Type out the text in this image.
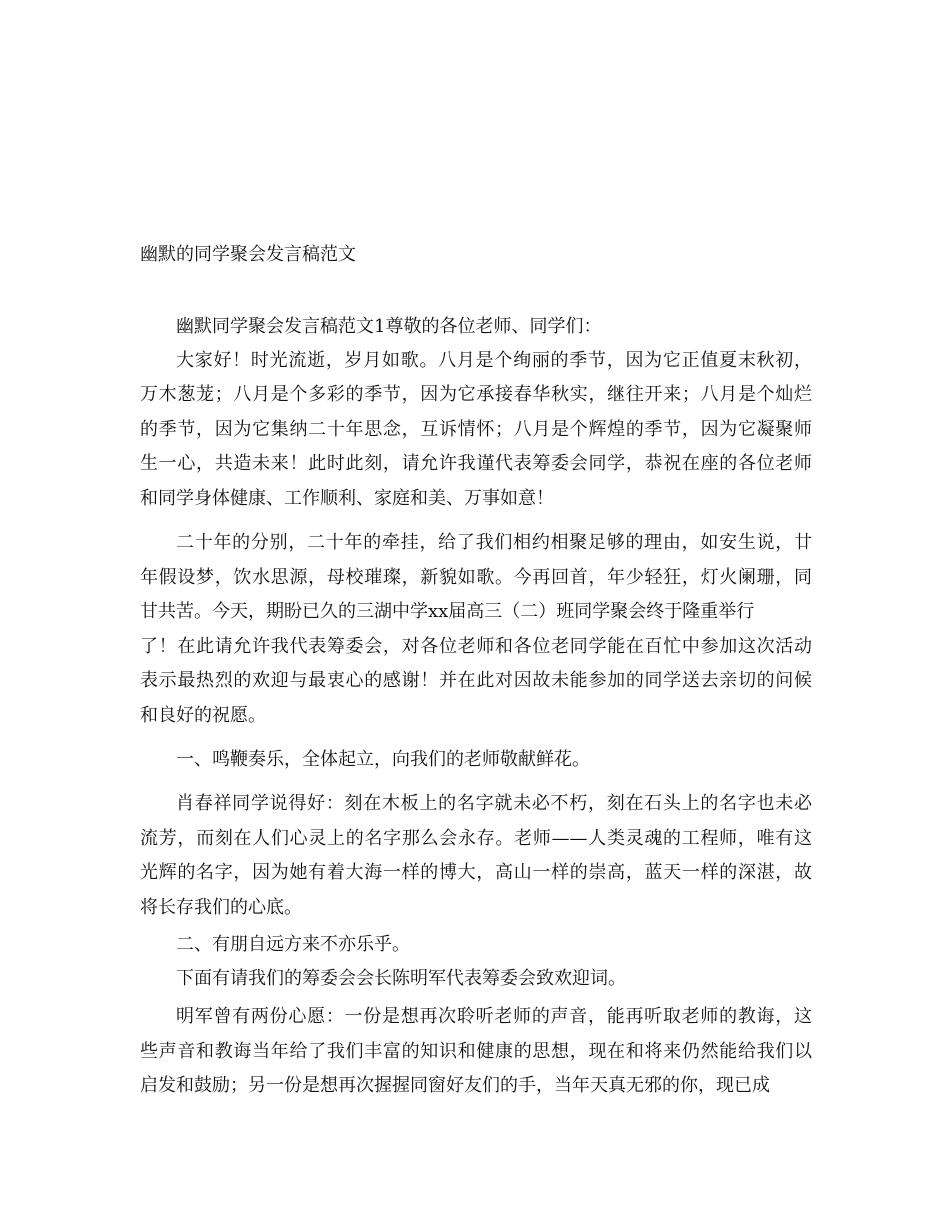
幽默的同学聚会发言稿范文

幽默同学聚会发言稿范文1尊敬的各位老师、同学们：

大家好！时光流逝，岁月如歌。八月是个绚丽的季节，因为它正值夏末秋初，

万木葱茏；八月是个多彩的季节，因为它承接春华秋实，继往开来；八月是个灿烂

的季节，因为它集纳二十年思念，互诉情怀；八月是个辉煌的季节，因为它凝聚师

生一心，共造未来！此时此刻，请允许我谨代表筹委会同学，恭祝在座的各位老师

和同学身体健康、工作顺利、家庭和美、万事如意！

二十年的分别，二十年的牵挂，给了我们相约相聚足够的理由，如安生说，廿

年假设梦，饮水思源，母校璀璨，新貌如歌。今再回首，年少轻狂，灯火阑珊，同

甘共苦。今天，期盼已久的三湖中学xx届高三（二）班同学聚会终于隆重举行

了！在此请允许我代表筹委会，对各位老师和各位老同学能在百忙中参加这次活动

表示最热烈的欢迎与最衷心的感谢！并在此对因故未能参加的同学送去亲切的问候

和良好的祝愿。

一、鸣鞭奏乐，全体起立，向我们的老师敬献鲜花。

肖春祥同学说得好：刻在木板上的名字就未必不朽，刻在石头上的名字也未必

流芳，而刻在人们心灵上的名字那么会永存。老师——人类灵魂的工程师，唯有这

光辉的名字，因为她有着大海一样的博大，高山一样的崇高，蓝天一样的深湛，故

将长存我们的心底。

二、有朋自远方来不亦乐乎。

下面有请我们的筹委会会长陈明军代表筹委会致欢迎词。

明军曾有两份心愿：一份是想再次聆听老师的声音，能再听取老师的教诲，这

些声音和教诲当年给了我们丰富的知识和健康的思想，现在和将来仍然能给我们以

启发和鼓励；另一份是想再次握握同窗好友们的手，当年天真无邪的你，现已成
